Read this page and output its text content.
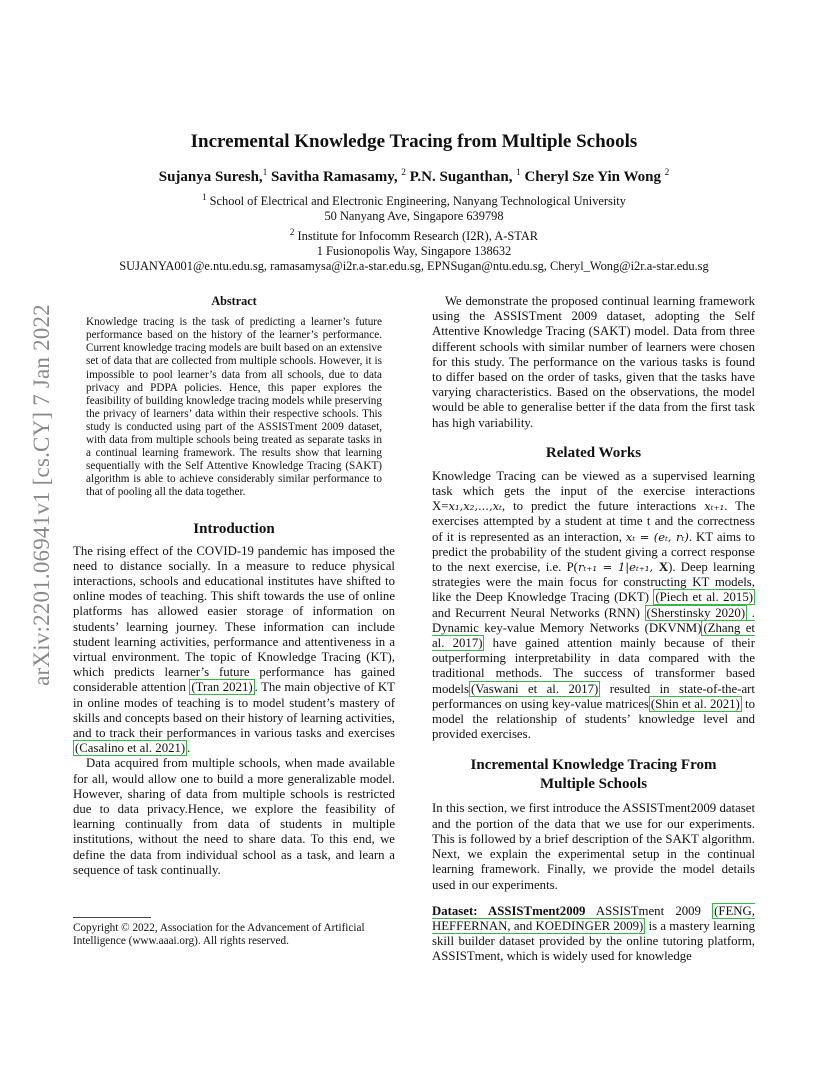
arXiv:2201.06941v1 [cs.CY] 7 Jan 2022
Incremental Knowledge Tracing from Multiple Schools
Sujanya Suresh,$^1$ Savitha Ramasamy, $^2$ P.N. Suganthan, $^1$ Cheryl Sze Yin Wong $^2$
$^1$ School of Electrical and Electronic Engineering, Nanyang Technological University
50 Nanyang Ave, Singapore 639798
$^2$ Institute for Infocomm Research (I2R), A-STAR
1 Fusionopolis Way, Singapore 138632
SUJANYA001@e.ntu.edu.sg, ramasamysa@i2r.a-star.edu.sg, EPNSugan@ntu.edu.sg, Cheryl_Wong@i2r.a-star.edu.sg
Abstract
Knowledge tracing is the task of predicting a learner’s future performance based on the history of the learner’s performance. Current knowledge tracing models are built based on an extensive set of data that are collected from multiple schools. However, it is impossible to pool learner’s data from all schools, due to data privacy and PDPA policies. Hence, this paper explores the feasibility of building knowledge tracing models while preserving the privacy of learners’ data within their respective schools. This study is conducted using part of the ASSISTment 2009 dataset, with data from multiple schools being treated as separate tasks in a continual learning framework. The results show that learning sequentially with the Self Attentive Knowledge Tracing (SAKT) algorithm is able to achieve considerably similar performance to that of pooling all the data together.
Introduction

The rising effect of the COVID-19 pandemic has imposed the need to distance socially. In a measure to reduce physical interactions, schools and educational institutes have shifted to online modes of teaching. This shift towards the use of online platforms has allowed easier storage of information on students’ learning journey. These information can include student learning activities, performance and attentiveness in a virtual environment. The topic of Knowledge Tracing (KT), which predicts learner’s future performance has gained considerable attention (Tran 2021) . The main objective of KT in online modes of teaching is to model student’s mastery of skills and concepts based on their history of learning activities, and to track their performances in various tasks and exercises (Casalino et al. 2021) .

Data acquired from multiple schools, when made available for all, would allow one to build a more generalizable model. However, sharing of data from multiple schools is restricted due to data privacy.Hence, we explore the feasibility of learning continually from data of students in multiple institutions, without the need to share data. To this end, we define the data from individual school as a task, and learn a sequence of task continually.

Copyright © 2022, Association for the Advancement of Artificial Intelligence (www.aaai.org). All rights reserved.

We demonstrate the proposed continual learning framework using the ASSISTment 2009 dataset, adopting the Self Attentive Knowledge Tracing (SAKT) model. Data from three different schools with similar number of learners were chosen for this study. The performance on the various tasks is found to differ based on the order of tasks, given that the tasks have varying characteristics. Based on the observations, the model would be able to generalise better if the data from the first task has high variability.

Related Works

Knowledge Tracing can be viewed as a supervised learning task which gets the input of the exercise interactions X=x₁,x₂,...,xₜ, to predict the future interactions xₜ₊₁. The exercises attempted by a student at time t and the correctness of it is represented as an interaction, xₜ = (eₜ, rₜ). KT aims to predict the probability of the student giving a correct response to the next exercise, i.e. P(rₜ₊₁ = 1|eₜ₊₁, X). Deep learning strategies were the main focus for constructing KT models, like the Deep Knowledge Tracing (DKT) (Piech et al. 2015) and Recurrent Neural Networks (RNN) (Sherstinsky 2020) . Dynamic key-value Memory Networks (DKVNM) (Zhang et al. 2017) have gained attention mainly because of their outperforming interpretability in data compared with the traditional methods. The success of transformer based models (Vaswani et al. 2017) resulted in state-of-the-art performances on using key-value matrices (Shin et al. 2021) to model the relationship of students’ knowledge level and provided exercises.

Incremental Knowledge Tracing From
Multiple Schools

In this section, we first introduce the ASSISTment2009 dataset and the portion of the data that we use for our experiments. This is followed by a brief description of the SAKT algorithm. Next, we explain the experimental setup in the continual learning framework. Finally, we provide the model details used in our experiments.

Dataset: ASSISTment2009 ASSISTment 2009 (FENG, HEFFERNAN, and KOEDINGER 2009) is a mastery learning skill builder dataset provided by the online tutoring platform, ASSISTment, which is widely used for knowledge
